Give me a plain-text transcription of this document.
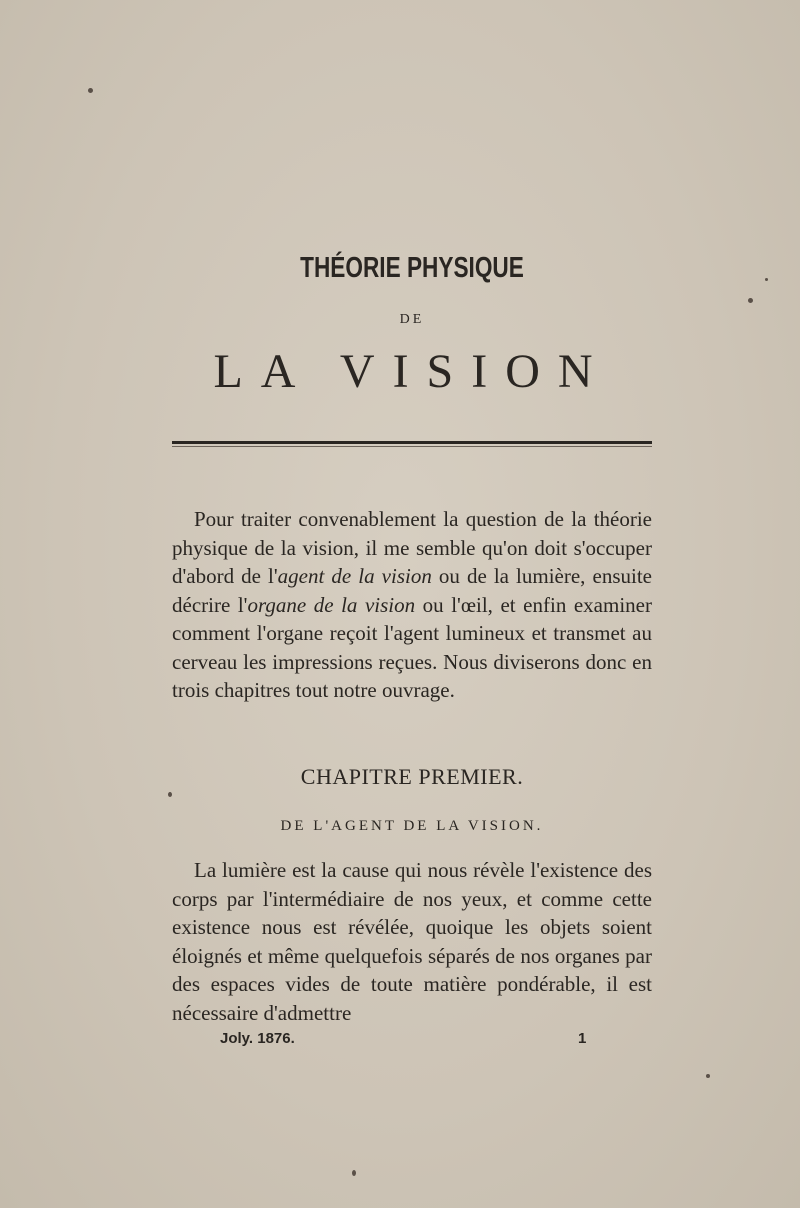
THÉORIE PHYSIQUE
DE
LA VISION

Pour traiter convenablement la question de la théorie physique de la vision, il me semble qu'on doit s'occuper d'abord de l'agent de la vision ou de la lumière, ensuite décrire l'organe de la vision ou l'œil, et enfin examiner comment l'organe reçoit l'agent lumineux et transmet au cerveau les impressions reçues. Nous diviserons donc en trois chapitres tout notre ouvrage.

CHAPITRE PREMIER.
DE L'AGENT DE LA VISION.

La lumière est la cause qui nous révèle l'existence des corps par l'intermédiaire de nos yeux, et comme cette existence nous est révélée, quoique les objets soient éloignés et même quelquefois séparés de nos organes par des espaces vides de toute matière pondérable, il est nécessaire d'admettre

Joly. 1876.	1
